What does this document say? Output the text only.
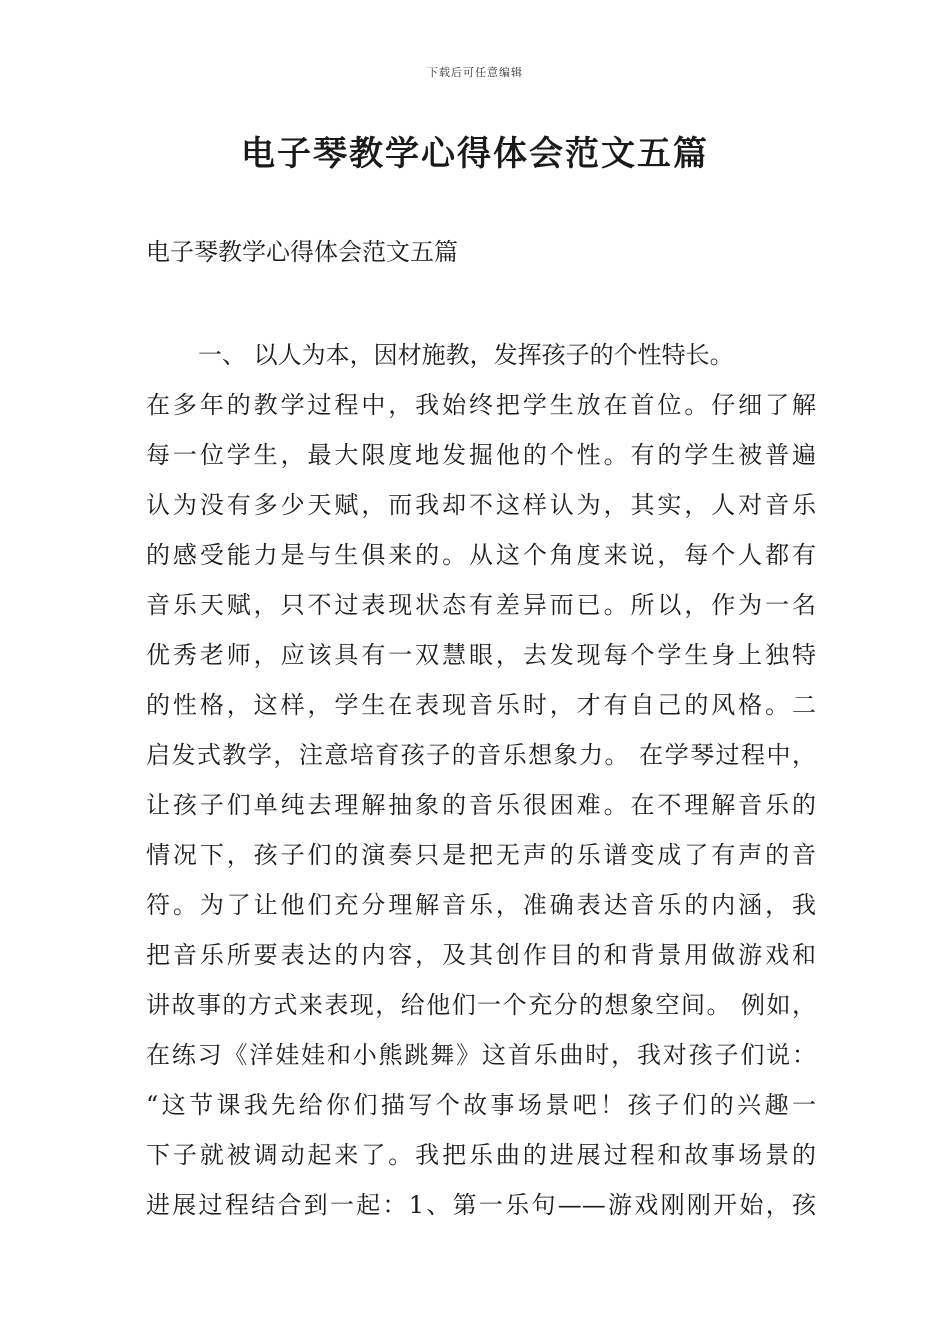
下载后可任意编辑
电子琴教学心得体会范文五篇

电子琴教学心得体会范文五篇

一、 以人为本，因材施教，发挥孩子的个性特长。
在多年的教学过程中，我始终把学生放在首位。仔细了解
每一位学生，最大限度地发掘他的个性。有的学生被普遍
认为没有多少天赋，而我却不这样认为，其实，人对音乐
的感受能力是与生俱来的。从这个角度来说，每个人都有
音乐天赋，只不过表现状态有差异而已。所以，作为一名
优秀老师，应该具有一双慧眼，去发现每个学生身上独特
的性格，这样，学生在表现音乐时，才有自己的风格。二
启发式教学，注意培育孩子的音乐想象力。 在学琴过程中，
让孩子们单纯去理解抽象的音乐很困难。在不理解音乐的
情况下，孩子们的演奏只是把无声的乐谱变成了有声的音
符。为了让他们充分理解音乐，准确表达音乐的内涵，我
把音乐所要表达的内容，及其创作目的和背景用做游戏和
讲故事的方式来表现，给他们一个充分的想象空间。 例如，
在练习《洋娃娃和小熊跳舞》这首乐曲时，我对孩子们说：
“这节课我先给你们描写个故事场景吧！孩子们的兴趣一
下子就被调动起来了。我把乐曲的进展过程和故事场景的
进展过程结合到一起：1、第一乐句——游戏刚刚开始，孩
